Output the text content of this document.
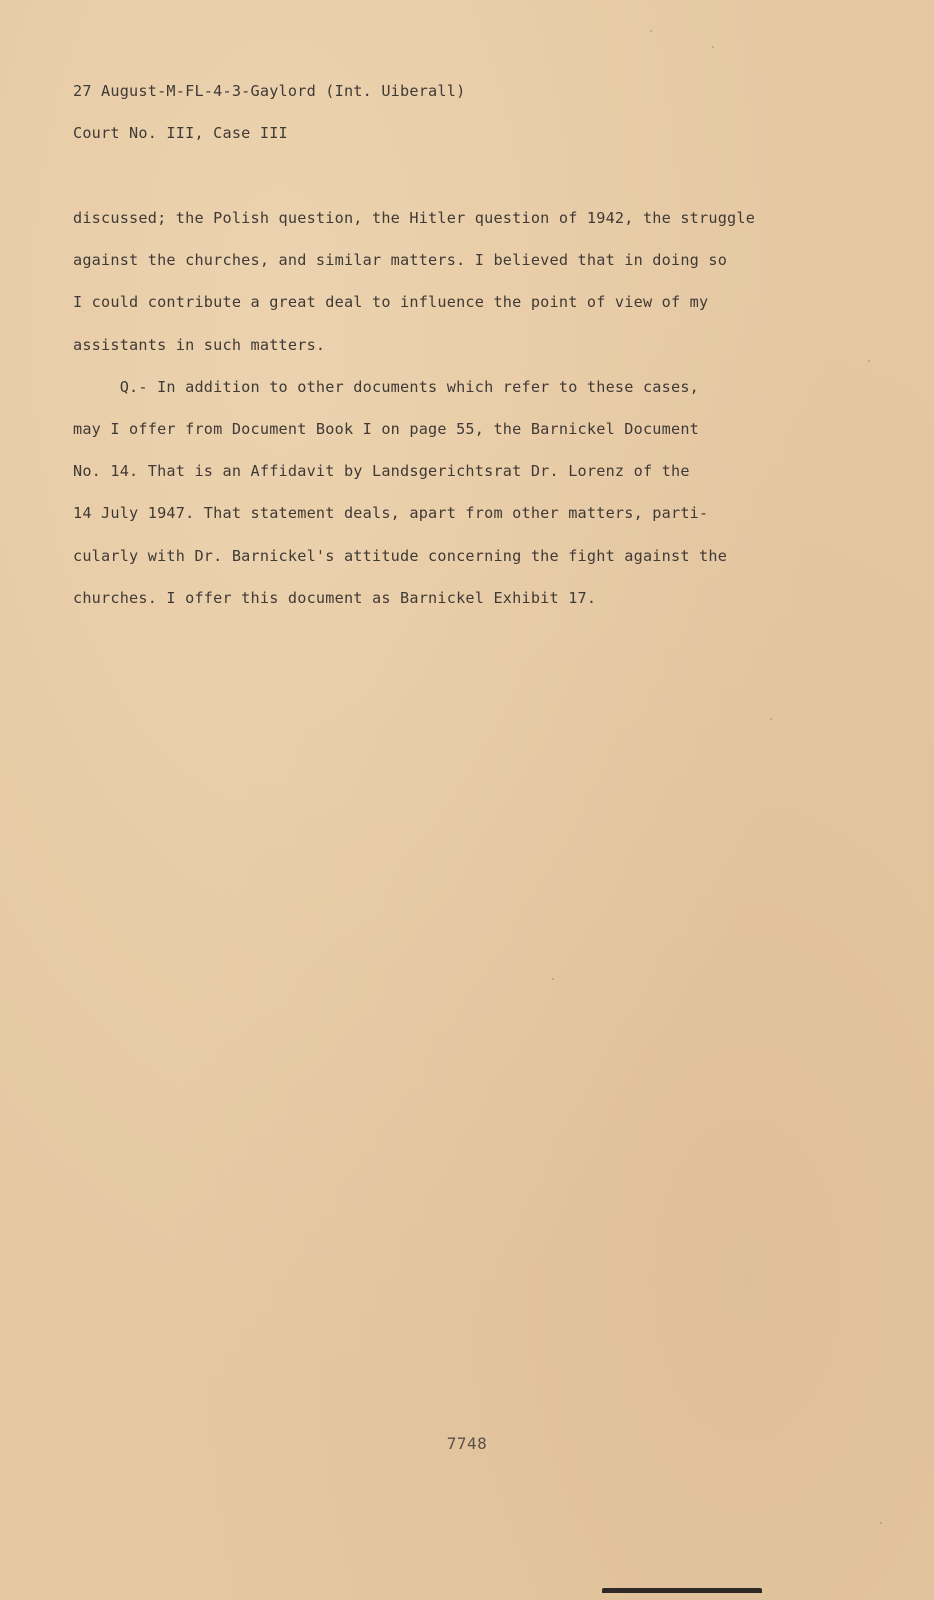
27 August-M-FL-4-3-Gaylord (Int. Uiberall)

Court No. III, Case III

discussed; the Polish question, the Hitler question of 1942, the struggle
against the churches, and similar matters. I believed that in doing so
I could contribute a great deal to influence the point of view of my
assistants in such matters.
Q.- In addition to other documents which refer to these cases,
may I offer from Document Book I on page 55, the Barnickel Document
No. 14. That is an Affidavit by Landsgerichtsrat Dr. Lorenz of the
14 July 1947. That statement deals, apart from other matters, parti-
cularly with Dr. Barnickel's attitude concerning the fight against the
churches. I offer this document as Barnickel Exhibit 17.
7748
